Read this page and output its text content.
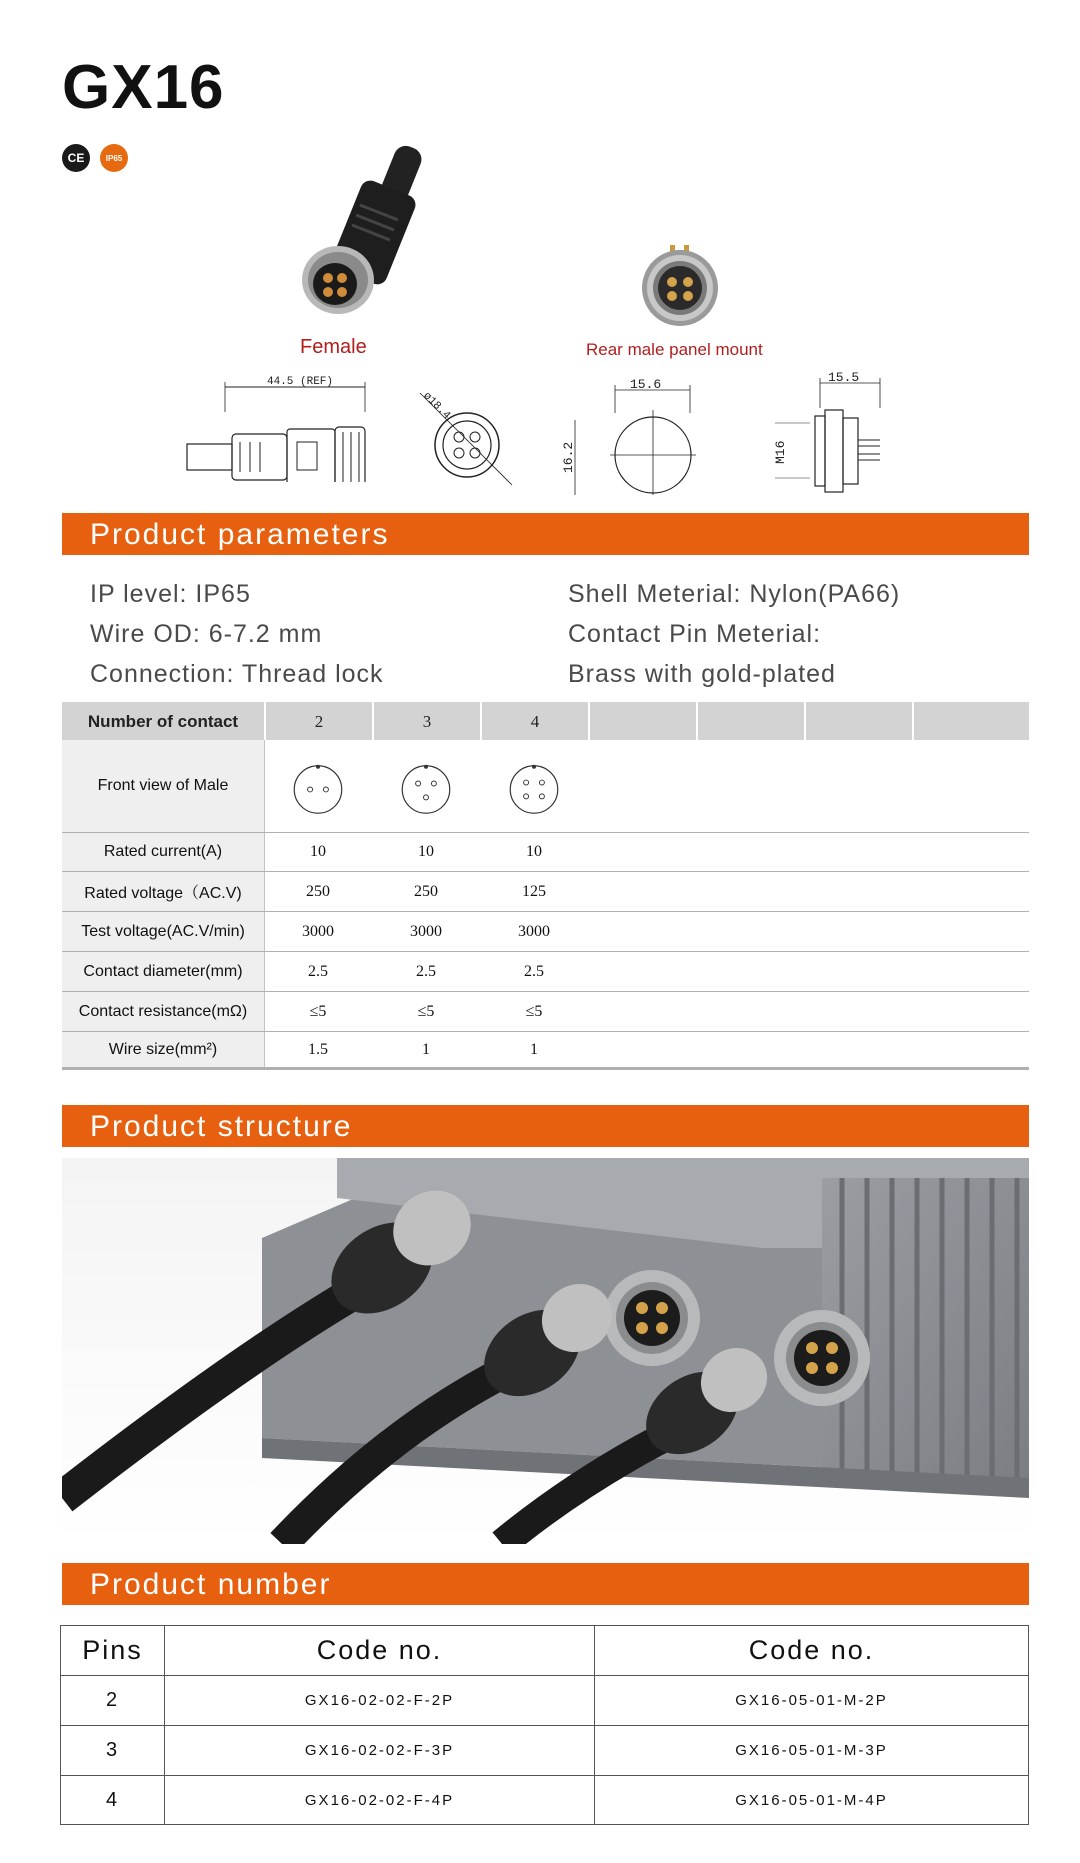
GX16
CE	IP65
Female	Rear male panel mount
44.5 (REF)
ø18.4
15.6
16.2
15.5
M16
Product parameters
IP level: IP65
Wire OD: 6-7.2 mm
Connection: Thread lock
Shell Meterial: Nylon(PA66)
Contact Pin Meterial:
Brass with gold-plated
Number of contact	2	3	4
Front view of Male
Rated current(A)	10	10	10
Rated voltage（AC.V)	250	250	125
Test voltage(AC.V/min)	3000	3000	3000
Contact diameter(mm)	2.5	2.5	2.5
Contact resistance(mΩ)	≤5	≤5	≤5
Wire size(mm²)	1.5	1	1
Product structure
Product number
Pins	Code no.	Code no.
2	GX16-02-02-F-2P	GX16-05-01-M-2P
3	GX16-02-02-F-3P	GX16-05-01-M-3P
4	GX16-02-02-F-4P	GX16-05-01-M-4P
